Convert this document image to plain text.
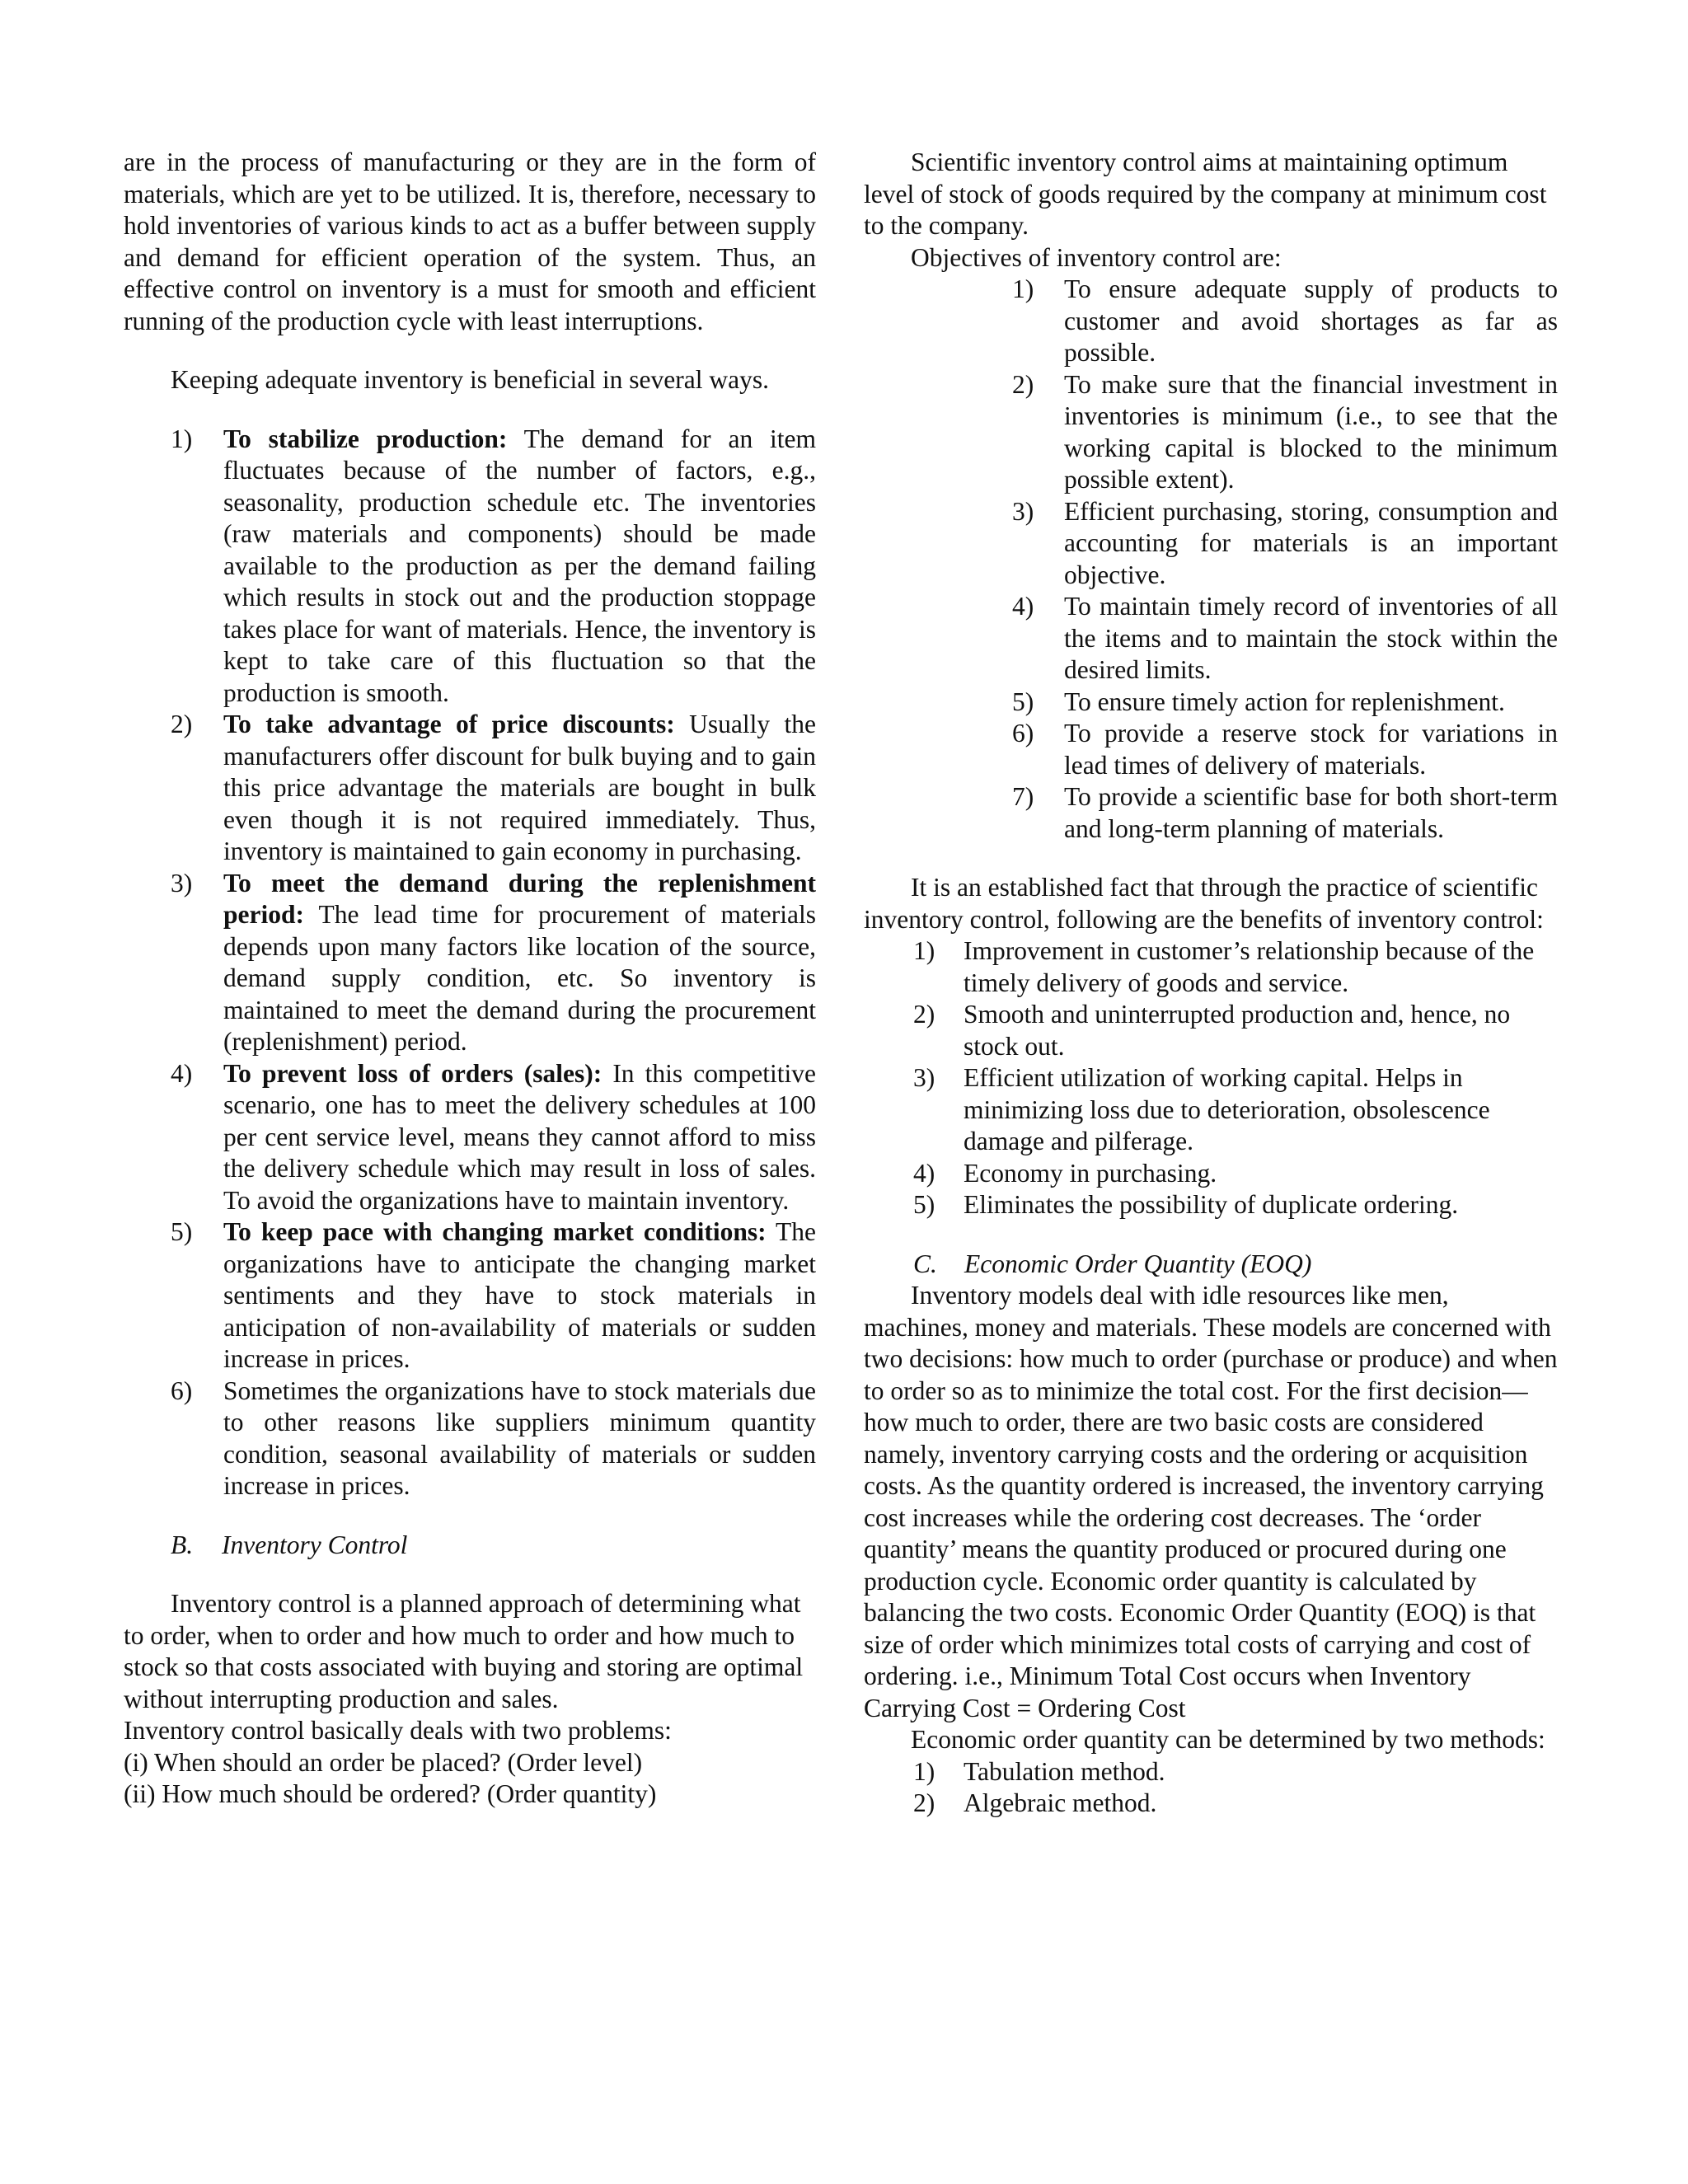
are in the process of manufacturing or they are in the form of materials, which are yet to be utilized. It is, therefore, necessary to hold inventories of various kinds to act as a buffer between supply and demand for efficient operation of the system. Thus, an effective control on inventory is a must for smooth and efficient running of the production cycle with least interruptions.

Keeping adequate inventory is beneficial in several ways.

1) To stabilize production: The demand for an item fluctuates because of the number of factors, e.g., seasonality, production schedule etc. The inventories (raw materials and components) should be made available to the production as per the demand failing which results in stock out and the production stoppage takes place for want of materials. Hence, the inventory is kept to take care of this fluctuation so that the production is smooth.
2) To take advantage of price discounts: Usually the manufacturers offer discount for bulk buying and to gain this price advantage the materials are bought in bulk even though it is not required immediately. Thus, inventory is maintained to gain economy in purchasing.
3) To meet the demand during the replenishment period: The lead time for procurement of materials depends upon many factors like location of the source, demand supply condition, etc. So inventory is maintained to meet the demand during the procurement (replenishment) period.
4) To prevent loss of orders (sales): In this competitive scenario, one has to meet the delivery schedules at 100 per cent service level, means they cannot afford to miss the delivery schedule which may result in loss of sales. To avoid the organizations have to maintain inventory.
5) To keep pace with changing market conditions: The organizations have to anticipate the changing market sentiments and they have to stock materials in anticipation of non-availability of materials or sudden increase in prices.
6) Sometimes the organizations have to stock materials due to other reasons like suppliers minimum quantity condition, seasonal availability of materials or sudden increase in prices.

B. Inventory Control

Inventory control is a planned approach of determining what to order, when to order and how much to order and how much to stock so that costs associated with buying and storing are optimal without interrupting production and sales.

Inventory control basically deals with two problems:

(i) When should an order be placed? (Order level)

(ii) How much should be ordered? (Order quantity)

Scientific inventory control aims at maintaining optimum level of stock of goods required by the company at minimum cost to the company.

Objectives of inventory control are:

1) To ensure adequate supply of products to customer and avoid shortages as far as possible.
2) To make sure that the financial investment in inventories is minimum (i.e., to see that the working capital is blocked to the minimum possible extent).
3) Efficient purchasing, storing, consumption and accounting for materials is an important objective.
4) To maintain timely record of inventories of all the items and to maintain the stock within the desired limits.
5) To ensure timely action for replenishment.
6) To provide a reserve stock for variations in lead times of delivery of materials.
7) To provide a scientific base for both short-term and long-term planning of materials.

It is an established fact that through the practice of scientific inventory control, following are the benefits of inventory control:

1) Improvement in customer’s relationship because of the timely delivery of goods and service.
2) Smooth and uninterrupted production and, hence, no stock out.
3) Efficient utilization of working capital. Helps in minimizing loss due to deterioration, obsolescence damage and pilferage.
4) Economy in purchasing.
5) Eliminates the possibility of duplicate ordering.

C. Economic Order Quantity (EOQ)

Inventory models deal with idle resources like men, machines, money and materials. These models are concerned with two decisions: how much to order (purchase or produce) and when to order so as to minimize the total cost. For the first decision—how much to order, there are two basic costs are considered namely, inventory carrying costs and the ordering or acquisition costs. As the quantity ordered is increased, the inventory carrying cost increases while the ordering cost decreases. The ‘order quantity’ means the quantity produced or procured during one production cycle. Economic order quantity is calculated by balancing the two costs. Economic Order Quantity (EOQ) is that size of order which minimizes total costs of carrying and cost of ordering. i.e., Minimum Total Cost occurs when Inventory Carrying Cost = Ordering Cost

Economic order quantity can be determined by two methods:

1) Tabulation method.
2) Algebraic method.
